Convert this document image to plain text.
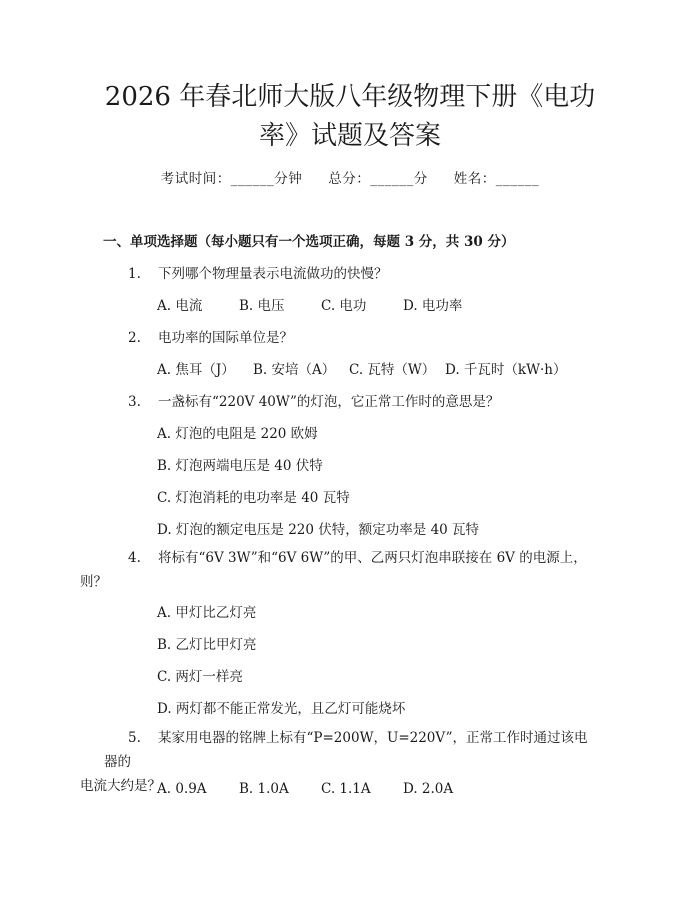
2026 年春北师大版八年级物理下册《电功
率》试题及答案
考试时间：______分钟 总分：______分 姓名：______
一、单项选择题（每小题只有一个选项正确，每题 3 分，共 30 分）
1. 下列哪个物理量表示电流做功的快慢？
A. 电流	B. 电压	C. 电功	D. 电功率
2. 电功率的国际单位是？
A. 焦耳（J） B. 安培（A） C. 瓦特（W） D. 千瓦时（kW·h）
3. 一盏标有“220V 40W”的灯泡，它正常工作时的意思是？
A. 灯泡的电阻是 220 欧姆
B. 灯泡两端电压是 40 伏特
C. 灯泡消耗的电功率是 40 瓦特
D. 灯泡的额定电压是 220 伏特，额定功率是 40 瓦特
4. 将标有“6V 3W”和“6V 6W”的甲、乙两只灯泡串联接在 6V 的电源上，
则？
A. 甲灯比乙灯亮
B. 乙灯比甲灯亮
C. 两灯一样亮
D. 两灯都不能正常发光，且乙灯可能烧坏
5. 某家用电器的铭牌上标有“P=200W，U=220V”，正常工作时通过该电器的
电流大约是？
A. 0.9A B. 1.0A C. 1.1A D. 2.0A
